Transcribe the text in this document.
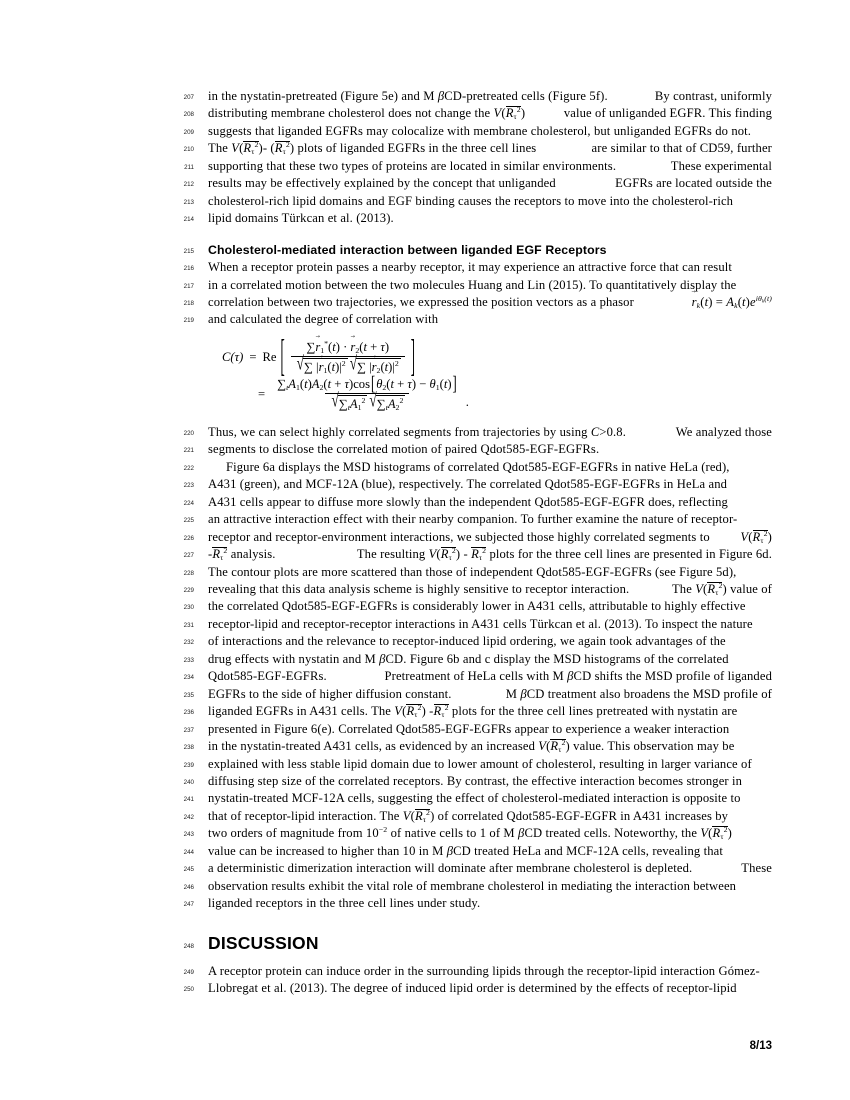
207 in the nystatin-pretreated (Figure 5e) and M βCD-pretreated cells (Figure 5f).	By contrast, uniformly
208 distributing membrane cholesterol does not change the $V(R_\tau^2)$	value of unliganded EGFR. This finding
209	suggests that liganded EGFRs may colocalize with membrane cholesterol, but unliganded EGFRs do not.
210 The $V(R_\tau^2)-$ $(R_\tau^2)$ plots of liganded EGFRs in the three cell lines	are similar to that of CD59, further
211 supporting that these two types of proteins are located in similar environments.	These experimental
212 results may be effectively explained by the concept that unliganded	EGFRs are located outside the
213	cholesterol-rich lipid domains and EGF binding causes the receptors to move into the cholesterol-rich
214	lipid domains Türkcan et al. (2013).
215	Cholesterol-mediated interaction between liganded EGF Receptors
216	When a receptor protein passes a nearby receptor, it may experience an attractive force that can result
217	in a correlated motion between the two molecules Huang and Lin (2015). To quantitatively display the
218 correlation between two trajectories, we expressed the position vectors as a phasor	→ $r_k(t) = A_k(t)e^{i\theta_k(t)}$
219	and calculated the degree of correlation with
C(τ) = Re [ $\frac{\sum\to r_1^*(t) \cdot \to r_2(t + \tau)}{√ \sum |\to r_1(t)|^2 √ \sum |\to r_2(t)|^2}$ ]
= $\frac{\sum_tA_1(t)A_2(t + \tau)\cos[\theta_2(t + \tau) - \theta_1(t)]}{√ \sum_tA_1^2 √ \sum_tA_2^2}$ .
220 Thus, we can select highly correlated segments from trajectories by using C>0.8.	We analyzed those
221	segments to disclose the correlated motion of paired Qdot585-EGF-EGFRs.
222	Figure 6a displays the MSD histograms of correlated Qdot585-EGF-EGFRs in native HeLa (red),
223	A431 (green), and MCF-12A (blue), respectively. The correlated Qdot585-EGF-EGFRs in HeLa and
224	A431 cells appear to diffuse more slowly than the independent Qdot585-EGF-EGFR does, reflecting
225	an attractive interaction effect with their nearby companion. To further examine the nature of receptor-
226 receptor and receptor-environment interactions, we subjected those highly correlated segments to $V(R_\tau^2)$
227 $-R_\tau^2$ analysis.	The resulting $V(R_\tau^2) - R_\tau^2$ plots for the three cell lines are presented in Figure 6d.
228	The contour plots are more scattered than those of independent Qdot585-EGF-EGFRs (see Figure 5d),
229 revealing that this data analysis scheme is highly sensitive to receptor interaction.	The $V(R_\tau^2)$ value of
230	the correlated Qdot585-EGF-EGFRs is considerably lower in A431 cells, attributable to highly effective
231	receptor-lipid and receptor-receptor interactions in A431 cells Türkcan et al. (2013). To inspect the nature
232	of interactions and the relevance to receptor-induced lipid ordering, we again took advantages of the
233 drug effects with nystatin and M βCD. Figure 6b and c display the MSD histograms of the correlated
234 Qdot585-EGF-EGFRs.	Pretreatment of HeLa cells with M βCD shifts the MSD profile of liganded
235 EGFRs to the side of higher diffusion constant.	M βCD treatment also broadens the MSD profile of
236 liganded EGFRs in A431 cells. The $V(R_\tau^2)$ $-R_\tau^2$ plots for the three cell lines pretreated with nystatin are
237	presented in Figure 6(e). Correlated Qdot585-EGF-EGFRs appear to experience a weaker interaction
238 in the nystatin-treated A431 cells, as evidenced by an increased $V(R_\tau^2)$ value. This observation may be
239	explained with less stable lipid domain due to lower amount of cholesterol, resulting in larger variance of
240	diffusing step size of the correlated receptors. By contrast, the effective interaction becomes stronger in
241	nystatin-treated MCF-12A cells, suggesting the effect of cholesterol-mediated interaction is opposite to
242 that of receptor-lipid interaction. The $V(R_\tau^2)$ of correlated Qdot585-EGF-EGFR in A431 increases by
243 two orders of magnitude from $10^{-2}$ of native cells to 1 of M βCD treated cells. Noteworthy, the $V(R_\tau^2)$
244 value can be increased to higher than 10 in M βCD treated HeLa and MCF-12A cells, revealing that
245 a deterministic dimerization interaction will dominate after membrane cholesterol is depleted.	These
246	observation results exhibit the vital role of membrane cholesterol in mediating the interaction between
247	liganded receptors in the three cell lines under study.
248 DISCUSSION
249	A receptor protein can induce order in the surrounding lipids through the receptor-lipid interaction Gómez-
250	Llobregat et al. (2013). The degree of induced lipid order is determined by the effects of receptor-lipid
8/13
